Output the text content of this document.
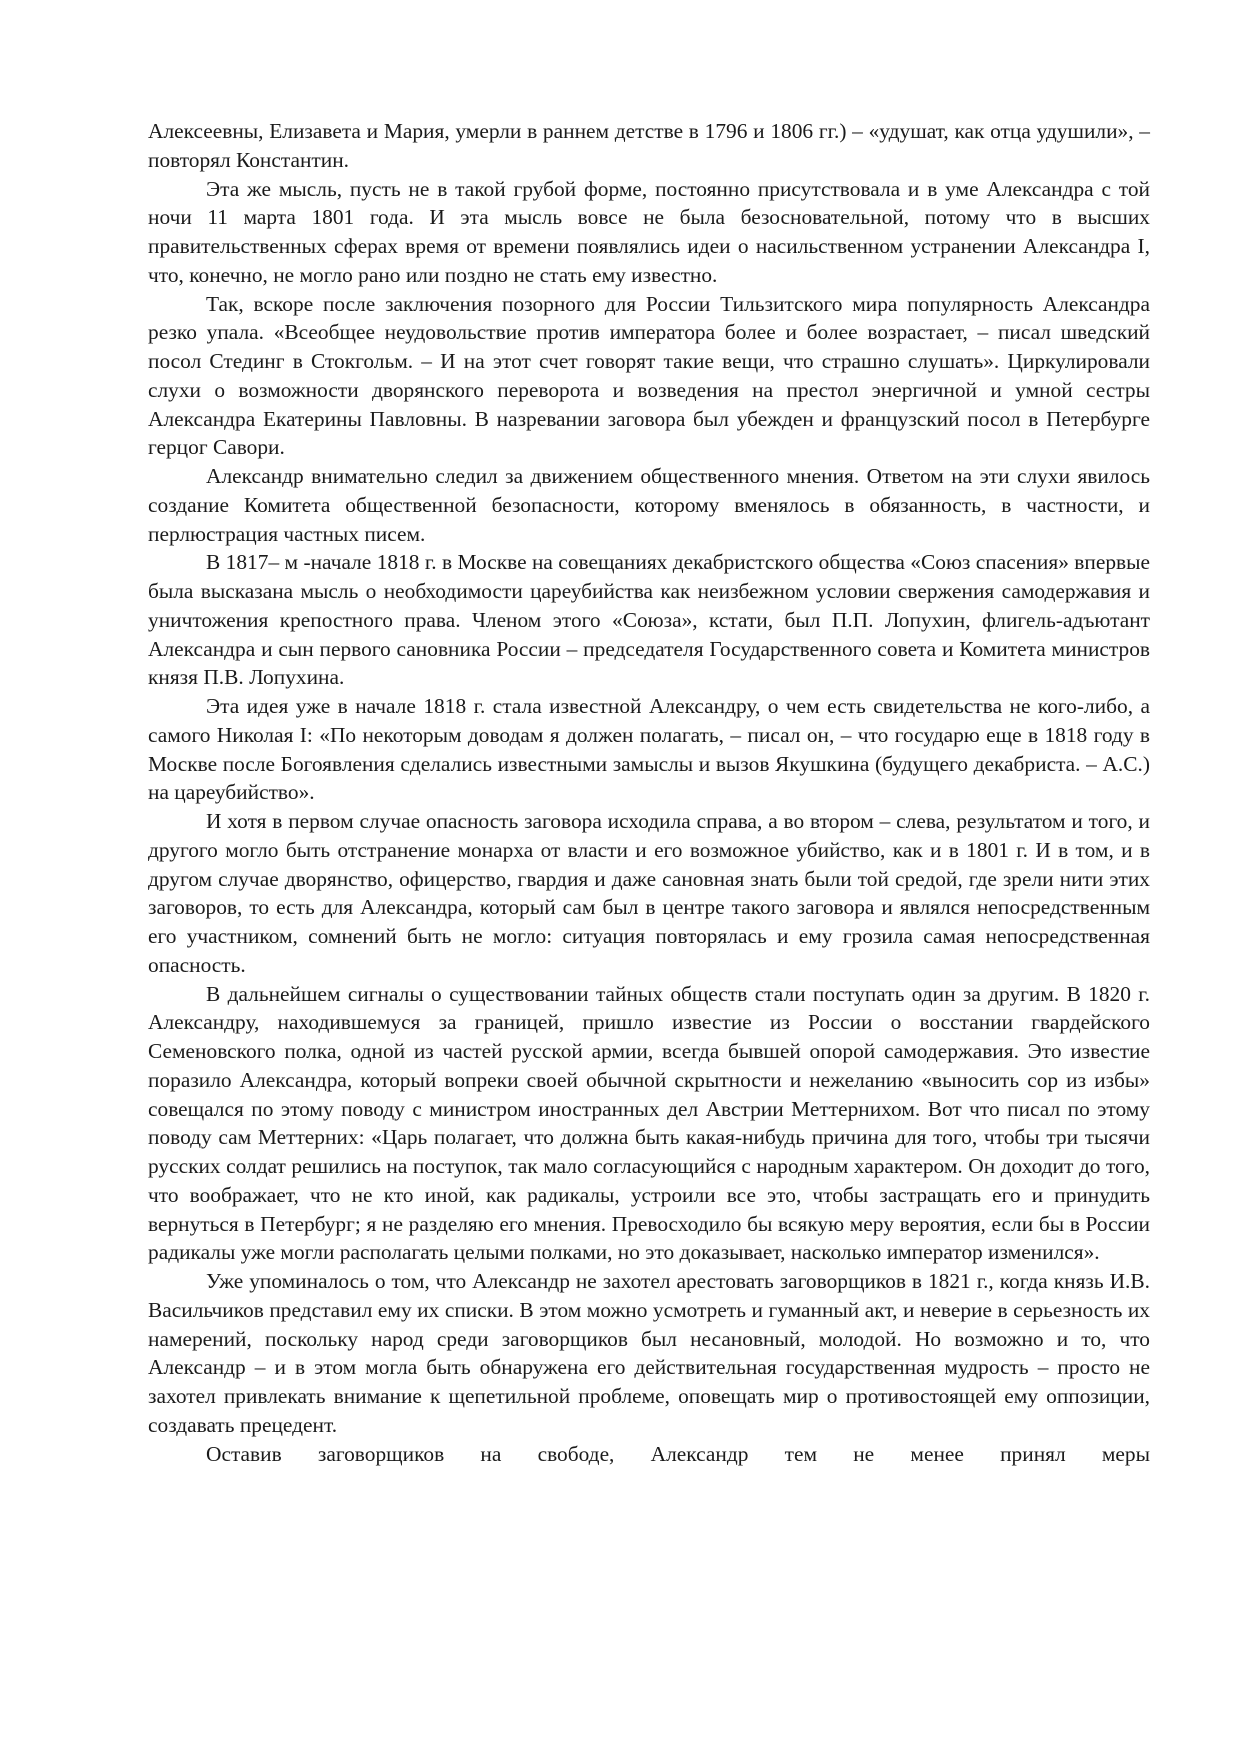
Алексеевны, Елизавета и Мария, умерли в раннем детстве в 1796 и 1806 гг.) – «удушат, как отца удушили», – повторял Константин.

Эта же мысль, пусть не в такой грубой форме, постоянно присутствовала и в уме Александра с той ночи 11 марта 1801 года. И эта мысль вовсе не была безосновательной, потому что в высших правительственных сферах время от времени появлялись идеи о насильственном устранении Александра I, что, конечно, не могло рано или поздно не стать ему известно.

Так, вскоре после заключения позорного для России Тильзитского мира популярность Александра резко упала. «Всеобщее неудовольствие против императора более и более возрастает, – писал шведский посол Стединг в Стокгольм. – И на этот счет говорят такие вещи, что страшно слушать». Циркулировали слухи о возможности дворянского переворота и возведения на престол энергичной и умной сестры Александра Екатерины Павловны. В назревании заговора был убежден и французский посол в Петербурге герцог Савори.

Александр внимательно следил за движением общественного мнения. Ответом на эти слухи явилось создание Комитета общественной безопасности, которому вменялось в обязанность, в частности, и перлюстрация частных писем.

В 1817– м -начале 1818 г. в Москве на совещаниях декабристского общества «Союз спасения» впервые была высказана мысль о необходимости цареубийства как неизбежном условии свержения самодержавия и уничтожения крепостного права. Членом этого «Союза», кстати, был П.П. Лопухин, флигель-адъютант Александра и сын первого сановника России – председателя Государственного совета и Комитета министров князя П.В. Лопухина.

Эта идея уже в начале 1818 г. стала известной Александру, о чем есть свидетельства не кого-либо, а самого Николая I: «По некоторым доводам я должен полагать, – писал он, – что государю еще в 1818 году в Москве после Богоявления сделались известными замыслы и вызов Якушкина (будущего декабриста. – А.С.) на цареубийство».

И хотя в первом случае опасность заговора исходила справа, а во втором – слева, результатом и того, и другого могло быть отстранение монарха от власти и его возможное убийство, как и в 1801 г. И в том, и в другом случае дворянство, офицерство, гвардия и даже сановная знать были той средой, где зрели нити этих заговоров, то есть для Александра, который сам был в центре такого заговора и являлся непосредственным его участником, сомнений быть не могло: ситуация повторялась и ему грозила самая непосредственная опасность.

В дальнейшем сигналы о существовании тайных обществ стали поступать один за другим. В 1820 г. Александру, находившемуся за границей, пришло известие из России о восстании гвардейского Семеновского полка, одной из частей русской армии, всегда бывшей опорой самодержавия. Это известие поразило Александра, который вопреки своей обычной скрытности и нежеланию «выносить сор из избы» совещался по этому поводу с министром иностранных дел Австрии Меттернихом. Вот что писал по этому поводу сам Меттерних: «Царь полагает, что должна быть какая-нибудь причина для того, чтобы три тысячи русских солдат решились на поступок, так мало согласующийся с народным характером. Он доходит до того, что воображает, что не кто иной, как радикалы, устроили все это, чтобы застращать его и принудить вернуться в Петербург; я не разделяю его мнения. Превосходило бы всякую меру вероятия, если бы в России радикалы уже могли располагать целыми полками, но это доказывает, насколько император изменился».

Уже упоминалось о том, что Александр не захотел арестовать заговорщиков в 1821 г., когда князь И.В. Васильчиков представил ему их списки. В этом можно усмотреть и гуманный акт, и неверие в серьезность их намерений, поскольку народ среди заговорщиков был несановный, молодой. Но возможно и то, что Александр – и в этом могла быть обнаружена его действительная государственная мудрость – просто не захотел привлекать внимание к щепетильной проблеме, оповещать мир о противостоящей ему оппозиции, создавать прецедент.

Оставив заговорщиков на свободе, Александр тем не менее принял меры
